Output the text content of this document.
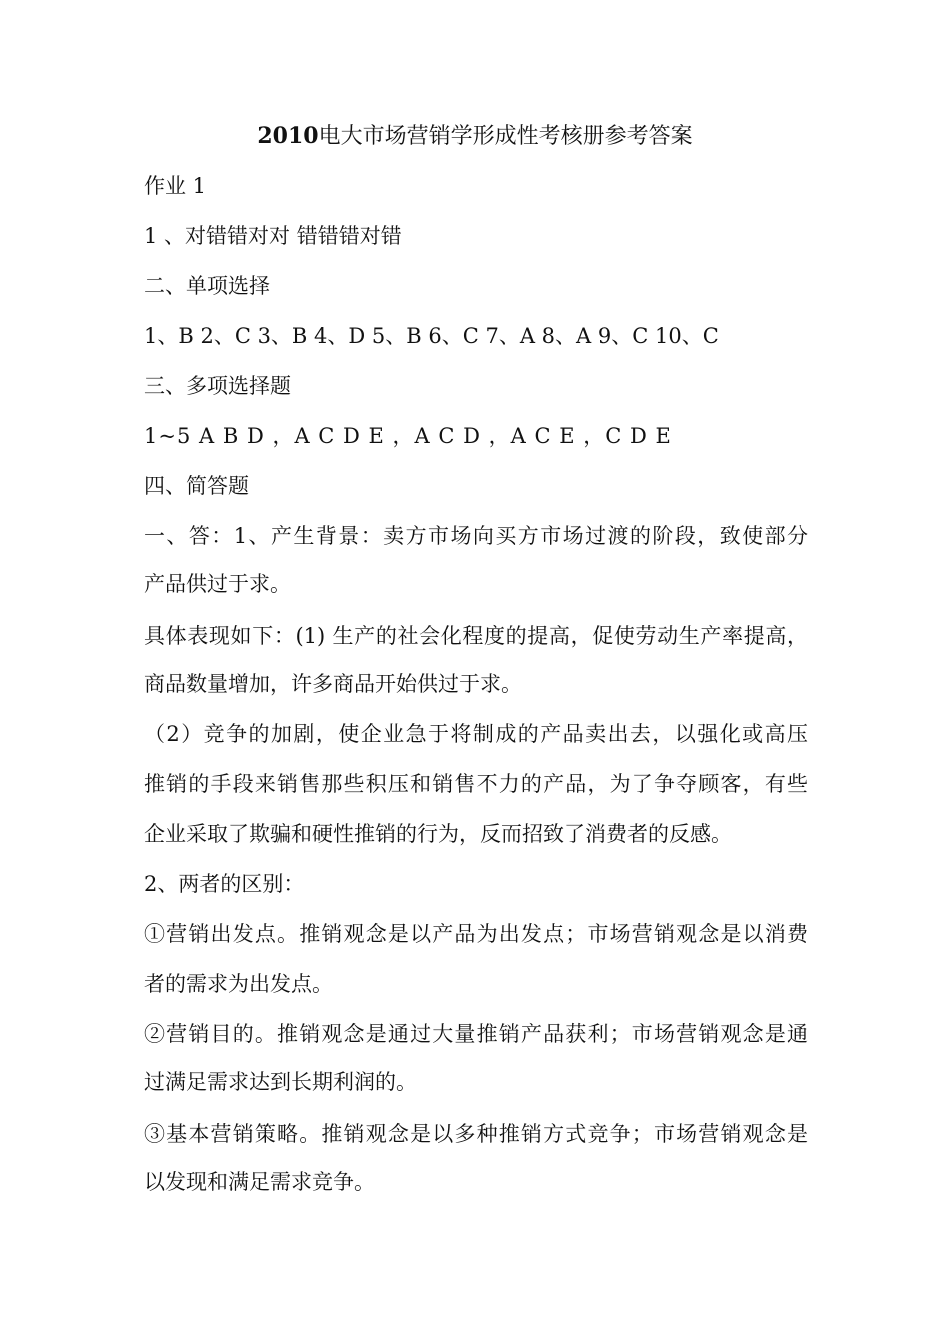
2010电大市场营销学形成性考核册参考答案
作业 1
1 、对错错对对 错错错对错
二、单项选择
1、B 2、C 3、B 4、D 5、B 6、C 7、A 8、A 9、C 10、C
三、多项选择题
1~5 A B D ，A C D E ，A C D ，A C E ，C D E
四、简答题
一、答：1、产生背景：卖方市场向买方市场过渡的阶段，致使部分
产品供过于求。
具体表现如下：(1) 生产的社会化程度的提高，促使劳动生产率提高，
商品数量增加，许多商品开始供过于求。
（2）竞争的加剧，使企业急于将制成的产品卖出去，以强化或高压
推销的手段来销售那些积压和销售不力的产品，为了争夺顾客，有些
企业采取了欺骗和硬性推销的行为，反而招致了消费者的反感。
2、两者的区别：
①营销出发点。推销观念是以产品为出发点；市场营销观念是以消费
者的需求为出发点。
②营销目的。推销观念是通过大量推销产品获利；市场营销观念是通
过满足需求达到长期利润的。
③基本营销策略。推销观念是以多种推销方式竞争；市场营销观念是
以发现和满足需求竞争。
